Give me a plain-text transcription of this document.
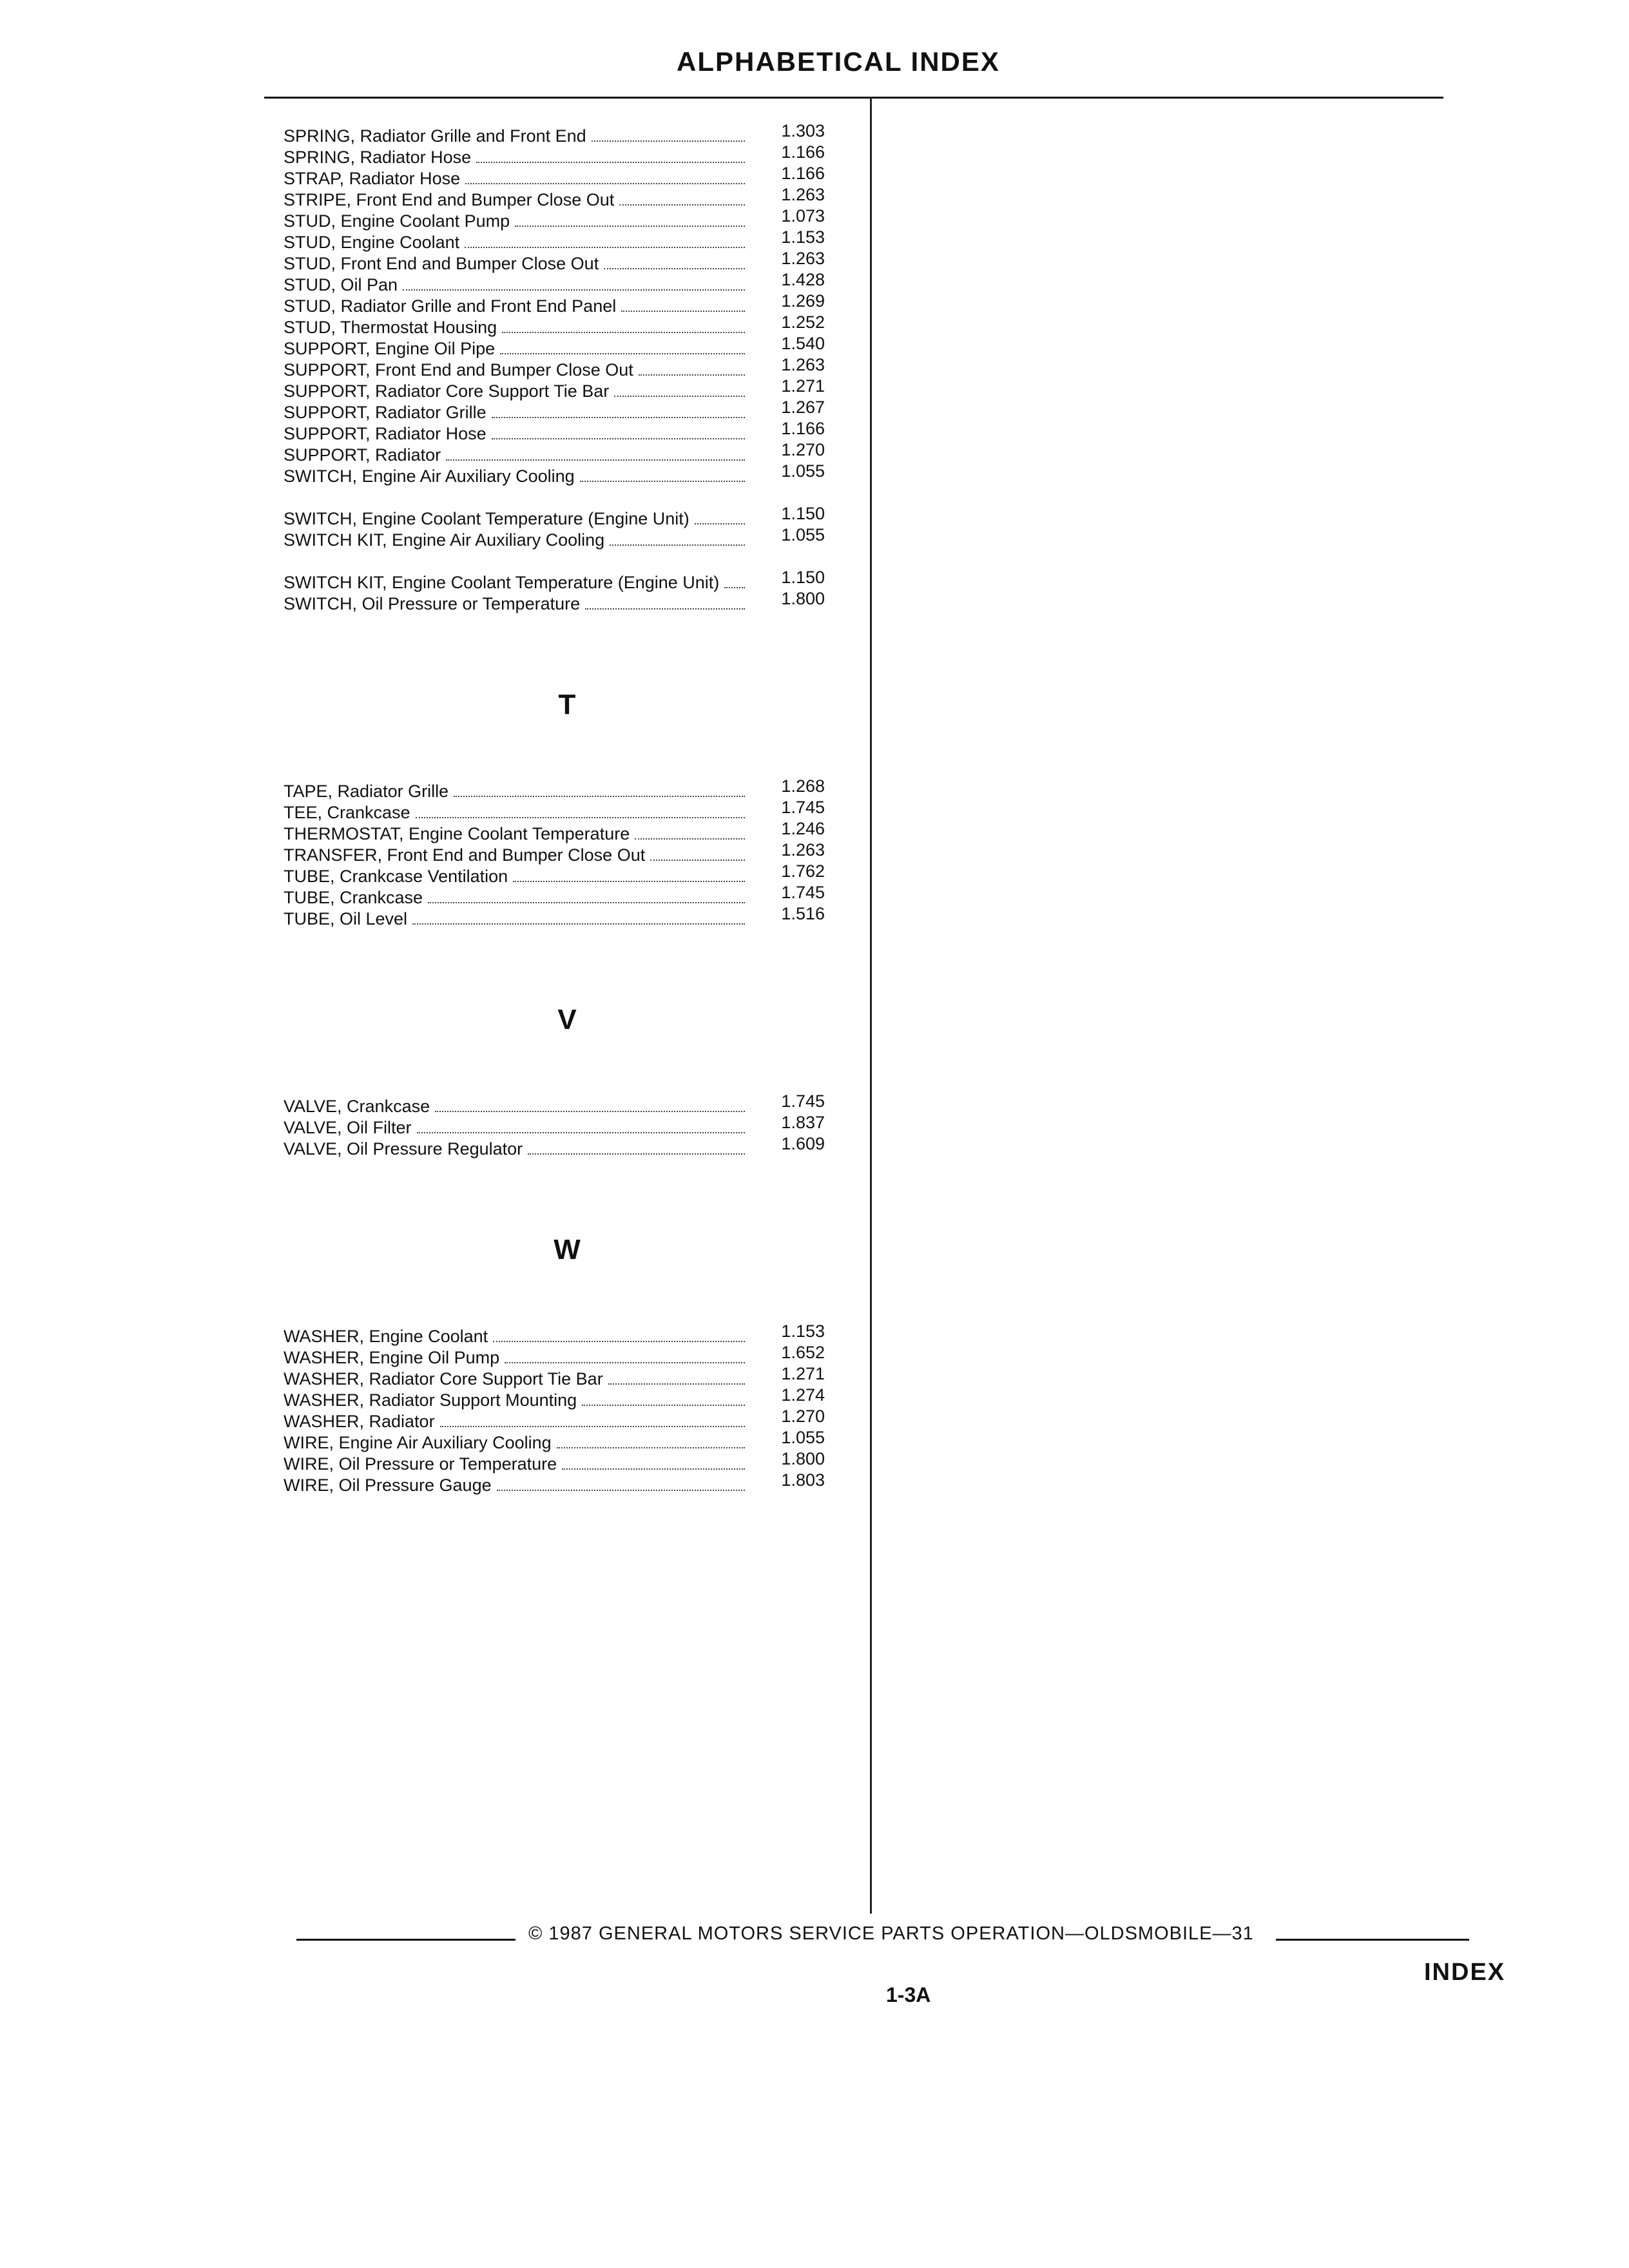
ALPHABETICAL INDEX
SPRING, Radiator Grille and Front End	1.303
SPRING, Radiator Hose	1.166
STRAP, Radiator Hose	1.166
STRIPE, Front End and Bumper Close Out	1.263
STUD, Engine Coolant Pump	1.073
STUD, Engine Coolant	1.153
STUD, Front End and Bumper Close Out	1.263
STUD, Oil Pan	1.428
STUD, Radiator Grille and Front End Panel	1.269
STUD, Thermostat Housing	1.252
SUPPORT, Engine Oil Pipe	1.540
SUPPORT, Front End and Bumper Close Out	1.263
SUPPORT, Radiator Core Support Tie Bar	1.271
SUPPORT, Radiator Grille	1.267
SUPPORT, Radiator Hose	1.166
SUPPORT, Radiator	1.270
SWITCH, Engine Air Auxiliary Cooling	1.055
SWITCH, Engine Coolant Temperature (Engine Unit)	1.150
SWITCH KIT, Engine Air Auxiliary Cooling	1.055
SWITCH KIT, Engine Coolant Temperature (Engine Unit)	1.150
SWITCH, Oil Pressure or Temperature	1.800
T
TAPE, Radiator Grille	1.268
TEE, Crankcase	1.745
THERMOSTAT, Engine Coolant Temperature	1.246
TRANSFER, Front End and Bumper Close Out	1.263
TUBE, Crankcase Ventilation	1.762
TUBE, Crankcase	1.745
TUBE, Oil Level	1.516
V
VALVE, Crankcase	1.745
VALVE, Oil Filter	1.837
VALVE, Oil Pressure Regulator	1.609
W
WASHER, Engine Coolant	1.153
WASHER, Engine Oil Pump	1.652
WASHER, Radiator Core Support Tie Bar	1.271
WASHER, Radiator Support Mounting	1.274
WASHER, Radiator	1.270
WIRE, Engine Air Auxiliary Cooling	1.055
WIRE, Oil Pressure or Temperature	1.800
WIRE, Oil Pressure Gauge	1.803
© 1987 GENERAL MOTORS SERVICE PARTS OPERATION—OLDSMOBILE—31
INDEX
1-3A
